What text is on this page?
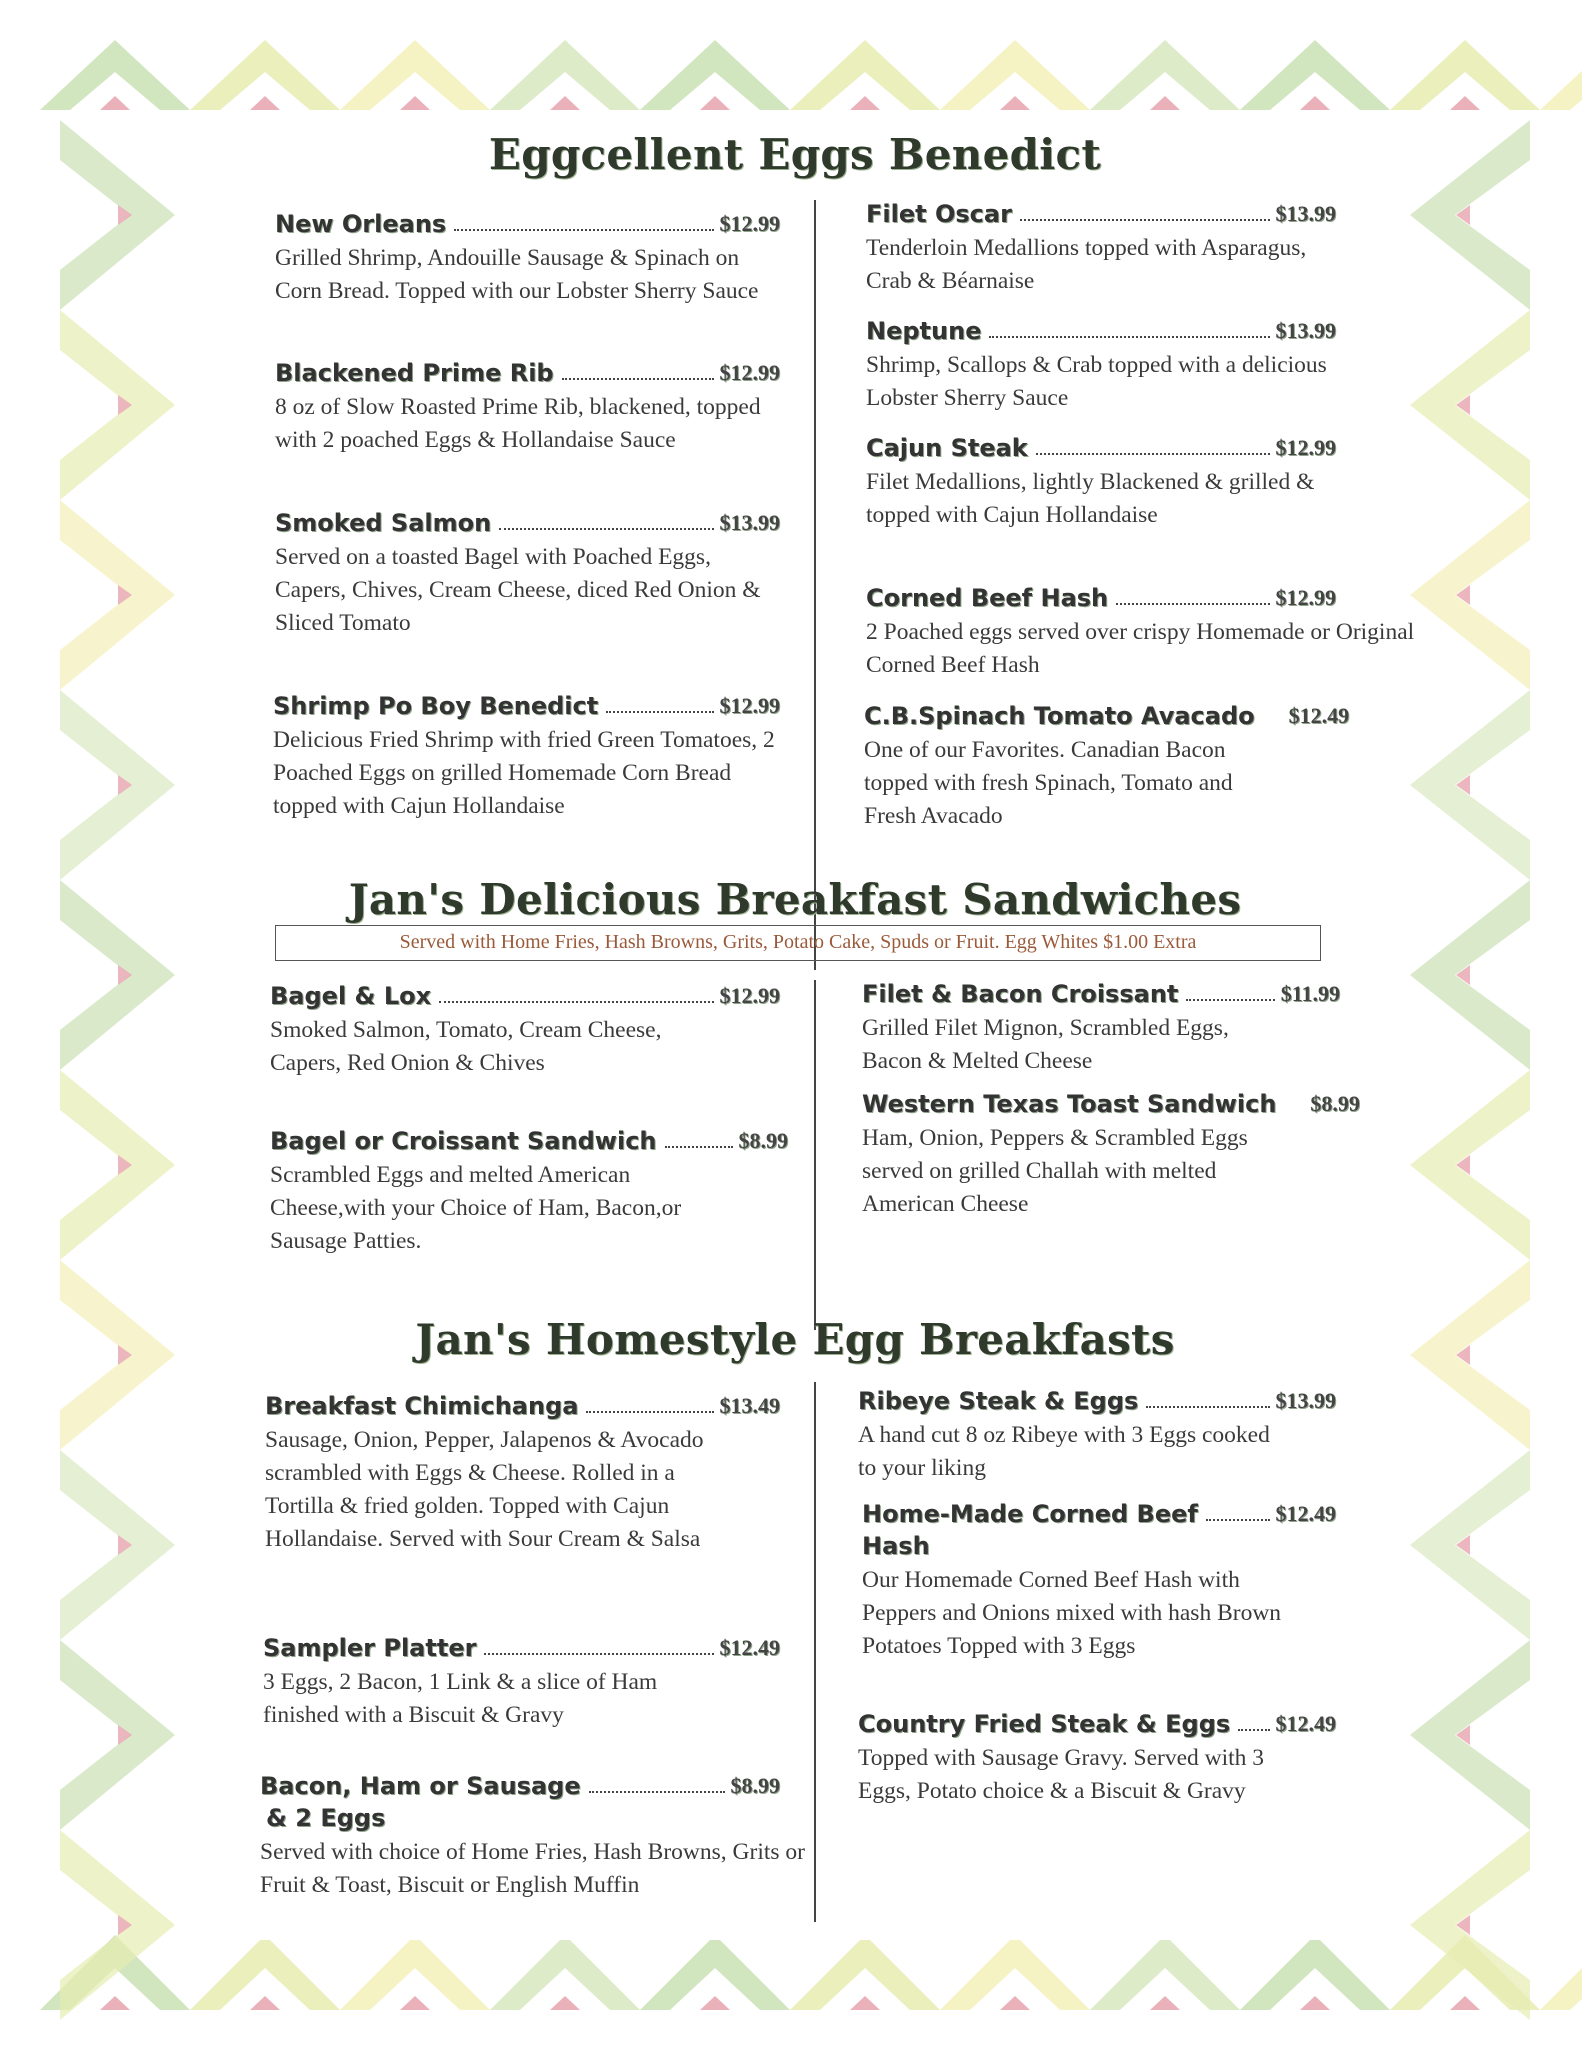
Eggcellent Eggs Benedict
New Orleans	$12.99
Grilled Shrimp, Andouille Sausage & Spinach on Corn Bread. Topped with our Lobster Sherry Sauce
Blackened Prime Rib	$12.99
8 oz of Slow Roasted Prime Rib, blackened, topped with 2 poached Eggs & Hollandaise Sauce
Smoked Salmon	$13.99
Served on a toasted Bagel with Poached Eggs, Capers, Chives, Cream Cheese, diced Red Onion & Sliced Tomato
Shrimp Po Boy Benedict	$12.99
Delicious Fried Shrimp with fried Green Tomatoes, 2 Poached Eggs on grilled Homemade Corn Bread topped with Cajun Hollandaise
Filet Oscar	$13.99
Tenderloin Medallions topped with Asparagus, Crab & Béarnaise
Neptune	$13.99
Shrimp, Scallops & Crab topped with a delicious Lobster Sherry Sauce
Cajun Steak	$12.99
Filet Medallions, lightly Blackened & grilled & topped with Cajun Hollandaise
Corned Beef Hash	$12.99
2 Poached eggs served over crispy Homemade or Original Corned Beef Hash
C.B.Spinach Tomato Avacado $12.49
One of our Favorites. Canadian Bacon topped with fresh Spinach, Tomato and Fresh Avacado
Jan's Delicious Breakfast Sandwiches
Served with Home Fries, Hash Browns, Grits, Potato Cake, Spuds or Fruit. Egg Whites $1.00 Extra
Bagel & Lox	$12.99
Smoked Salmon, Tomato, Cream Cheese, Capers, Red Onion & Chives
Bagel or Croissant Sandwich	$8.99
Scrambled Eggs and melted American Cheese,with your Choice of Ham, Bacon,or Sausage Patties.
Filet & Bacon Croissant	$11.99
Grilled Filet Mignon, Scrambled Eggs, Bacon & Melted Cheese
Western Texas Toast Sandwich $8.99
Ham, Onion, Peppers & Scrambled Eggs served on grilled Challah with melted American Cheese
Jan's Homestyle Egg Breakfasts
Breakfast Chimichanga	$13.49
Sausage, Onion, Pepper, Jalapenos & Avocado scrambled with Eggs & Cheese. Rolled in a Tortilla & fried golden. Topped with Cajun Hollandaise. Served with Sour Cream & Salsa
Sampler Platter	$12.49
3 Eggs, 2 Bacon, 1 Link & a slice of Ham finished with a Biscuit & Gravy
Bacon, Ham or Sausage	$8.99
& 2 Eggs
Served with choice of Home Fries, Hash Browns, Grits or Fruit & Toast, Biscuit or English Muffin
Ribeye Steak & Eggs	$13.99
A hand cut 8 oz Ribeye with 3 Eggs cooked to your liking
Home-Made Corned Beef	$12.49
Hash
Our Homemade Corned Beef Hash with Peppers and Onions mixed with hash Brown Potatoes Topped with 3 Eggs
Country Fried Steak & Eggs $12.49
Topped with Sausage Gravy. Served with 3 Eggs, Potato choice & a Biscuit & Gravy
